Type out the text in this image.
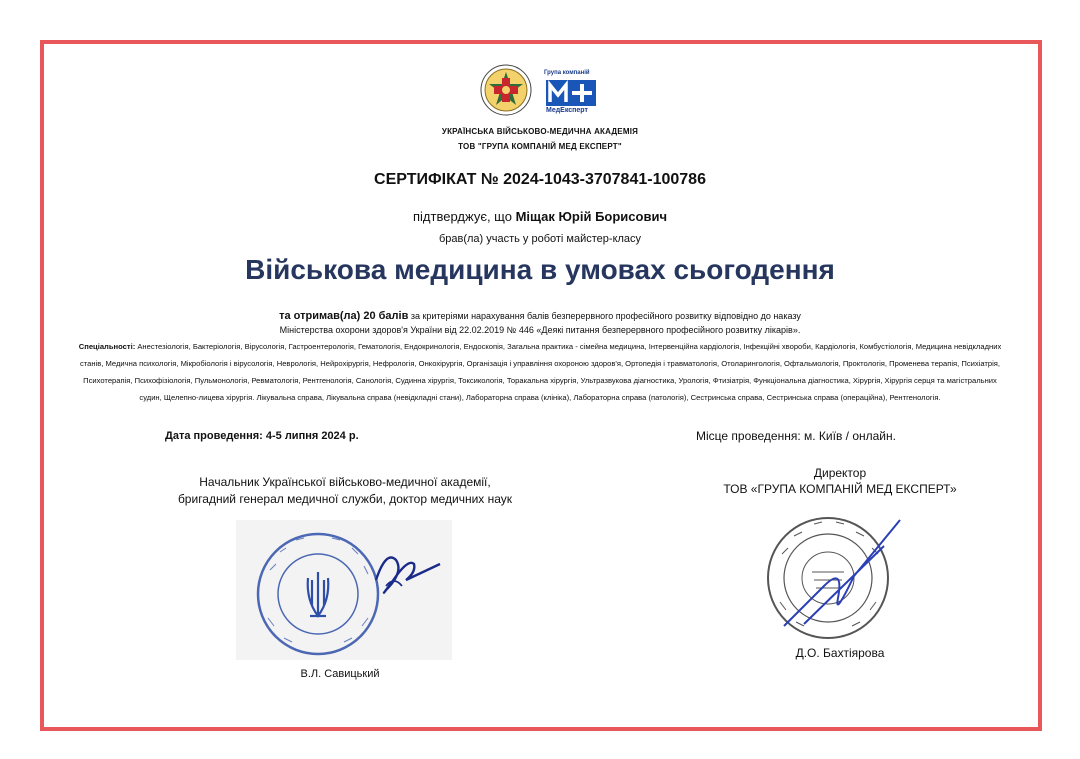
Група компаній
МедЕксперт
УКРАЇНСЬКА ВІЙСЬКОВО-МЕДИЧНА АКАДЕМІЯ
ТОВ "ГРУПА КОМПАНІЙ МЕД ЕКСПЕРТ"
СЕРТИФІКАТ № 2024-1043-3707841-100786
підтверджує, що Міщак Юрій Борисович
брав(ла) участь у роботі майстер-класу
Військова медицина в умовах сьогодення
та отримав(ла) 20 балів за критеріями нарахування балів безперервного професійного розвитку відповідно до наказу
Міністерства охорони здоров'я України від 22.02.2019 № 446 «Деякі питання безперервного професійного розвитку лікарів».
Спеціальності: Анестезіологія, Бактеріологія, Вірусологія, Гастроентерологія, Гематологія, Ендокринологія, Ендоскопія, Загальна практика - сімейна медицина, Інтервенційна кардіологія, Інфекційні хвороби, Кардіологія, Комбустіологія, Медицина невідкладних станів, Медична психологія, Мікробіологія і вірусологія, Неврологія, Нейрохірургія, Нефрологія, Онкохірургія, Організація і управління охороною здоров'я, Ортопедія і травматологія, Отоларингологія, Офтальмологія, Проктологія, Променева терапія, Психіатрія, Психотерапія, Психофізіологія, Пульмонологія, Ревматологія, Рентгенологія, Санологія, Судинна хірургія, Токсикологія, Торакальна хірургія, Ультразвукова діагностика, Урологія, Фтизіатрія, Функціональна діагностика, Хірургія, Хірургія серця та магістральних судин, Щелепно-лицева хірургія. Лікувальна справа, Лікувальна справа (невідкладні стани), Лабораторна справа (клініка), Лабораторна справа (патологія), Сестринська справа, Сестринська справа (операційна), Рентгенологія.
Дата проведення: 4-5 липня 2024 р.	Місце проведення: м. Київ / онлайн.
Начальник Української військово-медичної академії,
бригадний генерал медичної служби, доктор медичних наук
Директор
ТОВ «ГРУПА КОМПАНІЙ МЕД ЕКСПЕРТ»
В.Л. Савицький
Д.О. Бахтіярова
